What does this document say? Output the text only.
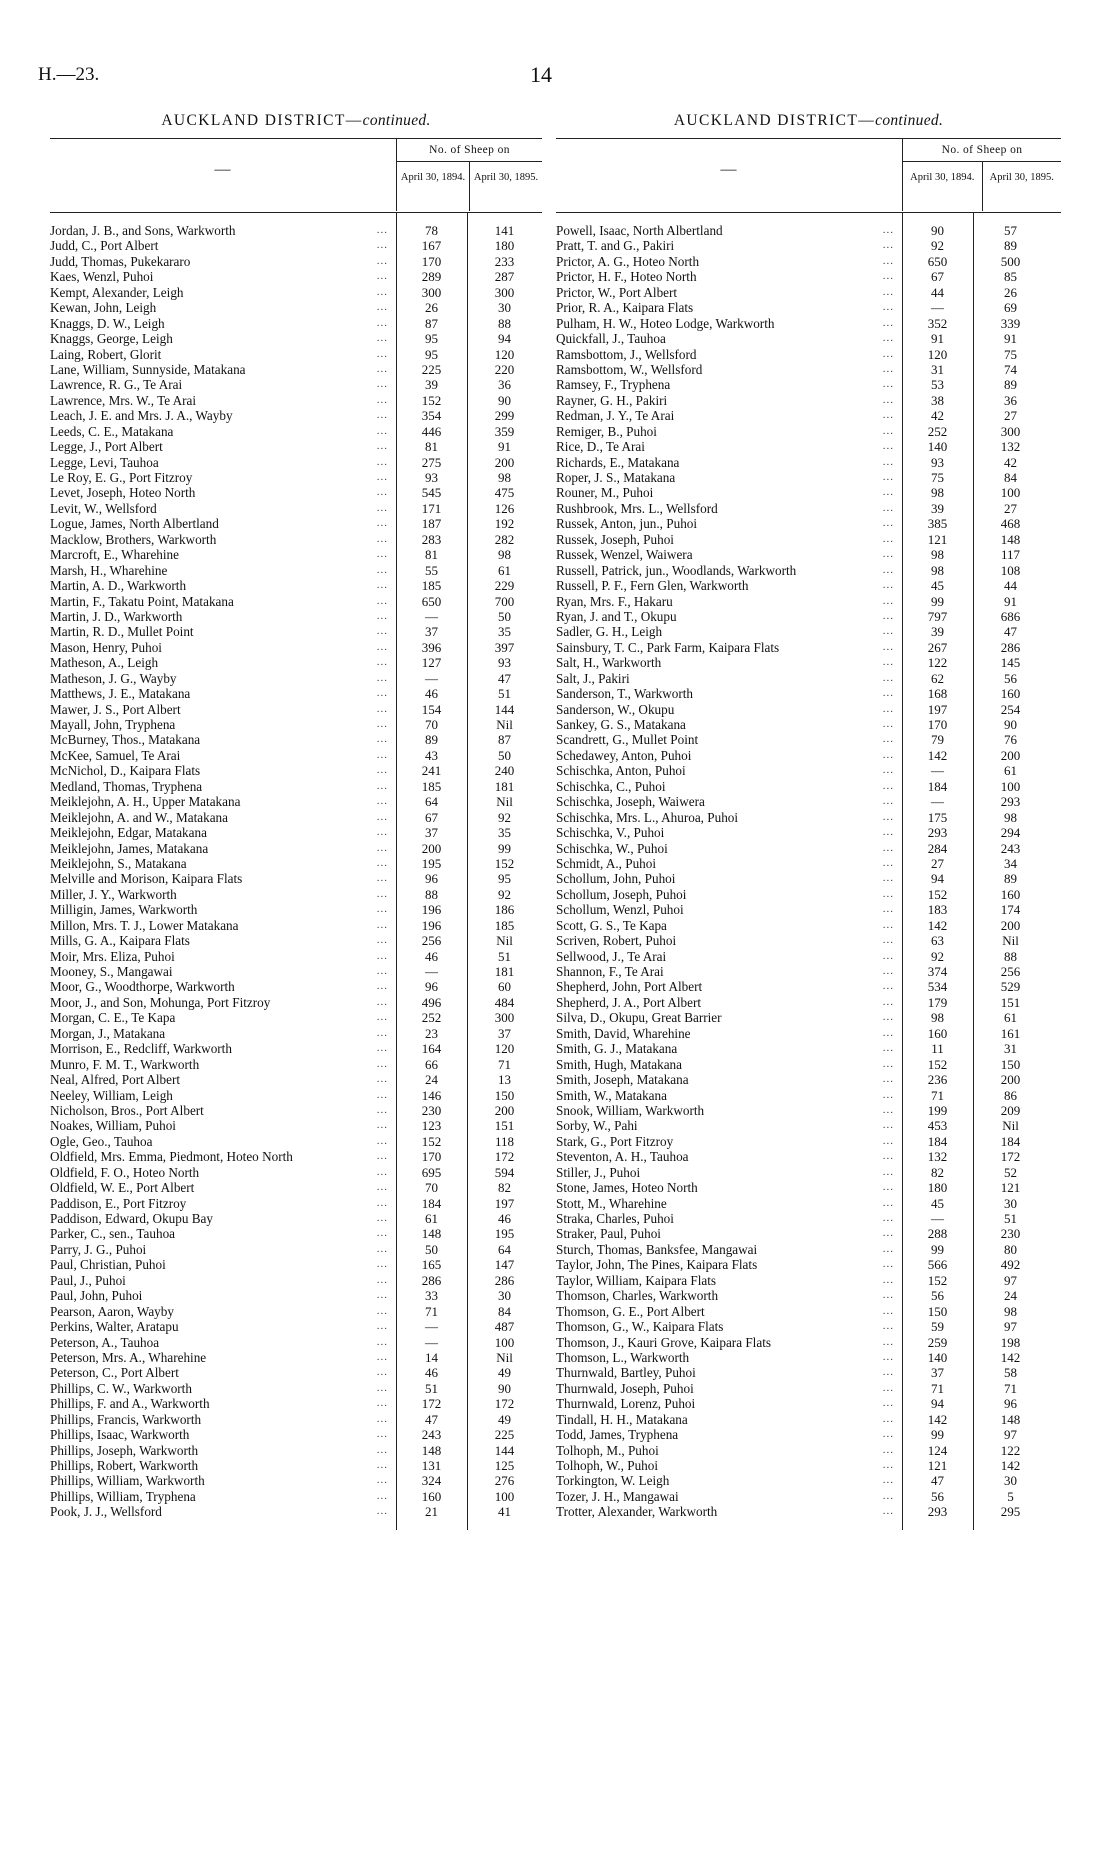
H.—23.	14
AUCKLAND DISTRICT—continued.
—
No. of Sheep on
April 30, 1894. April 30, 1895.
Jordan, J. B., and Sons, Warkworth	...	78	141
Judd, C., Port Albert	...	167	180
Judd, Thomas, Pukekararo	...	170	233
Kaes, Wenzl, Puhoi	...	289	287
Kempt, Alexander, Leigh	...	300	300
Kewan, John, Leigh	...	26	30
Knaggs, D. W., Leigh	...	87	88
Knaggs, George, Leigh	...	95	94
Laing, Robert, Glorit	...	95	120
Lane, William, Sunnyside, Matakana	...	225	220
Lawrence, R. G., Te Arai	...	39	36
Lawrence, Mrs. W., Te Arai	...	152	90
Leach, J. E. and Mrs. J. A., Wayby	...	354	299
Leeds, C. E., Matakana	...	446	359
Legge, J., Port Albert	...	81	91
Legge, Levi, Tauhoa	...	275	200
Le Roy, E. G., Port Fitzroy	...	93	98
Levet, Joseph, Hoteo North	...	545	475
Levit, W., Wellsford	...	171	126
Logue, James, North Albertland	...	187	192
Macklow, Brothers, Warkworth	...	283	282
Marcroft, E., Wharehine	...	81	98
Marsh, H., Wharehine	...	55	61
Martin, A. D., Warkworth	...	185	229
Martin, F., Takatu Point, Matakana	...	650	700
Martin, J. D., Warkworth	...	—	50
Martin, R. D., Mullet Point	...	37	35
Mason, Henry, Puhoi	...	396	397
Matheson, A., Leigh	...	127	93
Matheson, J. G., Wayby	...	—	47
Matthews, J. E., Matakana	...	46	51
Mawer, J. S., Port Albert	...	154	144
Mayall, John, Tryphena	...	70	Nil
McBurney, Thos., Matakana	...	89	87
McKee, Samuel, Te Arai	...	43	50
McNichol, D., Kaipara Flats	...	241	240
Medland, Thomas, Tryphena	...	185	181
Meiklejohn, A. H., Upper Matakana	...	64	Nil
Meiklejohn, A. and W., Matakana	...	67	92
Meiklejohn, Edgar, Matakana	...	37	35
Meiklejohn, James, Matakana	...	200	99
Meiklejohn, S., Matakana	...	195	152
Melville and Morison, Kaipara Flats	...	96	95
Miller, J. Y., Warkworth	...	88	92
Milligin, James, Warkworth	...	196	186
Millon, Mrs. T. J., Lower Matakana	...	196	185
Mills, G. A., Kaipara Flats	...	256	Nil
Moir, Mrs. Eliza, Puhoi	...	46	51
Mooney, S., Mangawai	...	—	181
Moor, G., Woodthorpe, Warkworth	...	96	60
Moor, J., and Son, Mohunga, Port Fitzroy	...	496	484
Morgan, C. E., Te Kapa	...	252	300
Morgan, J., Matakana	...	23	37
Morrison, E., Redcliff, Warkworth	...	164	120
Munro, F. M. T., Warkworth	...	66	71
Neal, Alfred, Port Albert	...	24	13
Neeley, William, Leigh	...	146	150
Nicholson, Bros., Port Albert	...	230	200
Noakes, William, Puhoi	...	123	151
Ogle, Geo., Tauhoa	...	152	118
Oldfield, Mrs. Emma, Piedmont, Hoteo North	...	170	172
Oldfield, F. O., Hoteo North	...	695	594
Oldfield, W. E., Port Albert	...	70	82
Paddison, E., Port Fitzroy	...	184	197
Paddison, Edward, Okupu Bay	...	61	46
Parker, C., sen., Tauhoa	...	148	195
Parry, J. G., Puhoi	...	50	64
Paul, Christian, Puhoi	...	165	147
Paul, J., Puhoi	...	286	286
Paul, John, Puhoi	...	33	30
Pearson, Aaron, Wayby	...	71	84
Perkins, Walter, Aratapu	...	—	487
Peterson, A., Tauhoa	...	—	100
Peterson, Mrs. A., Wharehine	...	14	Nil
Peterson, C., Port Albert	...	46	49
Phillips, C. W., Warkworth	...	51	90
Phillips, F. and A., Warkworth	...	172	172
Phillips, Francis, Warkworth	...	47	49
Phillips, Isaac, Warkworth	...	243	225
Phillips, Joseph, Warkworth	...	148	144
Phillips, Robert, Warkworth	...	131	125
Phillips, William, Warkworth	...	324	276
Phillips, William, Tryphena	...	160	100
Pook, J. J., Wellsford	...	21	41
AUCKLAND DISTRICT—continued.
—
No. of Sheep on
April 30, 1894.	April 30, 1895.
Powell, Isaac, North Albertland	...	90	57
Pratt, T. and G., Pakiri	...	92	89
Prictor, A. G., Hoteo North	...	650	500
Prictor, H. F., Hoteo North	...	67	85
Prictor, W., Port Albert	...	44	26
Prior, R. A., Kaipara Flats	...	—	69
Pulham, H. W., Hoteo Lodge, Warkworth	...	352	339
Quickfall, J., Tauhoa	...	91	91
Ramsbottom, J., Wellsford	...	120	75
Ramsbottom, W., Wellsford	...	31	74
Ramsey, F., Tryphena	...	53	89
Rayner, G. H., Pakiri	...	38	36
Redman, J. Y., Te Arai	...	42	27
Remiger, B., Puhoi	...	252	300
Rice, D., Te Arai	...	140	132
Richards, E., Matakana	...	93	42
Roper, J. S., Matakana	...	75	84
Rouner, M., Puhoi	...	98	100
Rushbrook, Mrs. L., Wellsford	...	39	27
Russek, Anton, jun., Puhoi	...	385	468
Russek, Joseph, Puhoi	...	121	148
Russek, Wenzel, Waiwera	...	98	117
Russell, Patrick, jun., Woodlands, Warkworth	...	98	108
Russell, P. F., Fern Glen, Warkworth	...	45	44
Ryan, Mrs. F., Hakaru	...	99	91
Ryan, J. and T., Okupu	...	797	686
Sadler, G. H., Leigh	...	39	47
Sainsbury, T. C., Park Farm, Kaipara Flats	...	267	286
Salt, H., Warkworth	...	122	145
Salt, J., Pakiri	...	62	56
Sanderson, T., Warkworth	...	168	160
Sanderson, W., Okupu	...	197	254
Sankey, G. S., Matakana	...	170	90
Scandrett, G., Mullet Point	...	79	76
Schedawey, Anton, Puhoi	...	142	200
Schischka, Anton, Puhoi	...	—	61
Schischka, C., Puhoi	...	184	100
Schischka, Joseph, Waiwera	...	—	293
Schischka, Mrs. L., Ahuroa, Puhoi	...	175	98
Schischka, V., Puhoi	...	293	294
Schischka, W., Puhoi	...	284	243
Schmidt, A., Puhoi	...	27	34
Schollum, John, Puhoi	...	94	89
Schollum, Joseph, Puhoi	...	152	160
Schollum, Wenzl, Puhoi	...	183	174
Scott, G. S., Te Kapa	...	142	200
Scriven, Robert, Puhoi	...	63	Nil
Sellwood, J., Te Arai	...	92	88
Shannon, F., Te Arai	...	374	256
Shepherd, John, Port Albert	...	534	529
Shepherd, J. A., Port Albert	...	179	151
Silva, D., Okupu, Great Barrier	...	98	61
Smith, David, Wharehine	...	160	161
Smith, G. J., Matakana	...	11	31
Smith, Hugh, Matakana	...	152	150
Smith, Joseph, Matakana	...	236	200
Smith, W., Matakana	...	71	86
Snook, William, Warkworth	...	199	209
Sorby, W., Pahi	...	453	Nil
Stark, G., Port Fitzroy	...	184	184
Steventon, A. H., Tauhoa	...	132	172
Stiller, J., Puhoi	...	82	52
Stone, James, Hoteo North	...	180	121
Stott, M., Wharehine	...	45	30
Straka, Charles, Puhoi	...	—	51
Straker, Paul, Puhoi	...	288	230
Sturch, Thomas, Banksfee, Mangawai	...	99	80
Taylor, John, The Pines, Kaipara Flats	...	566	492
Taylor, William, Kaipara Flats	...	152	97
Thomson, Charles, Warkworth	...	56	24
Thomson, G. E., Port Albert	...	150	98
Thomson, G., W., Kaipara Flats	...	59	97
Thomson, J., Kauri Grove, Kaipara Flats	...	259	198
Thomson, L., Warkworth	...	140	142
Thurnwald, Bartley, Puhoi	...	37	58
Thurnwald, Joseph, Puhoi	...	71	71
Thurnwald, Lorenz, Puhoi	...	94	96
Tindall, H. H., Matakana	...	142	148
Todd, James, Tryphena	...	99	97
Tolhoph, M., Puhoi	...	124	122
Tolhoph, W., Puhoi	...	121	142
Torkington, W. Leigh	...	47	30
Tozer, J. H., Mangawai	...	56	5
Trotter, Alexander, Warkworth	...	293	295
